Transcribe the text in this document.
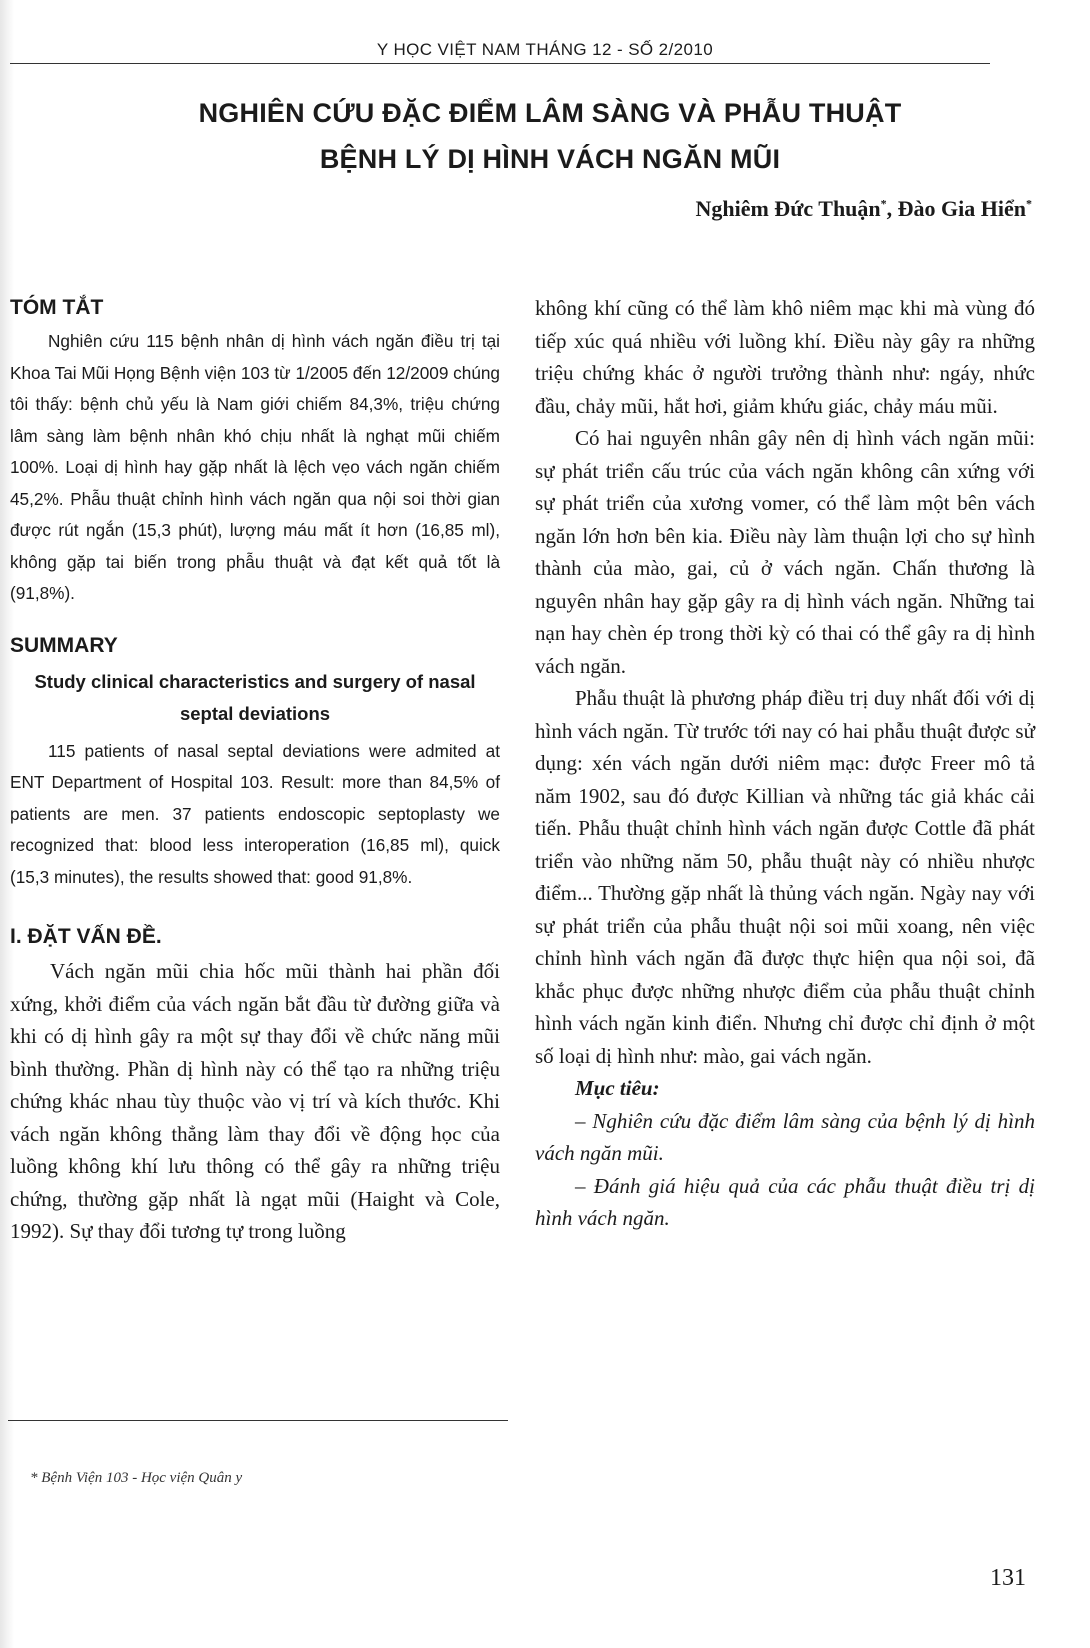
Y HỌC VIỆT NAM THÁNG 12 - SỐ 2/2010
NGHIÊN CỨU ĐẶC ĐIỂM LÂM SÀNG VÀ PHẪU THUẬT
BỆNH LÝ DỊ HÌNH VÁCH NGĂN MŨI
Nghiêm Đức Thuận*, Đào Gia Hiển*
TÓM TẮT

Nghiên cứu 115 bệnh nhân dị hình vách ngăn điều trị tại Khoa Tai Mũi Họng Bệnh viện 103 từ 1/2005 đến 12/2009 chúng tôi thấy: bệnh chủ yếu là Nam giới chiếm 84,3%, triệu chứng lâm sàng làm bệnh nhân khó chịu nhất là nghạt mũi chiếm 100%. Loại dị hình hay gặp nhất là lệch vẹo vách ngăn chiếm 45,2%. Phẫu thuật chỉnh hình vách ngăn qua nội soi thời gian được rút ngắn (15,3 phút), lượng máu mất ít hơn (16,85 ml), không gặp tai biến trong phẫu thuật và đạt kết quả tốt là (91,8%).

SUMMARY
Study clinical characteristics and surgery of nasal septal deviations

115 patients of nasal septal deviations were admited at ENT Department of Hospital 103. Result: more than 84,5% of patients are men. 37 patients endoscopic septoplasty we recognized that: blood less interoperation (16,85 ml), quick (15,3 minutes), the results showed that: good 91,8%.

I. ĐẶT VẤN ĐỀ.

Vách ngăn mũi chia hốc mũi thành hai phần đối xứng, khởi điểm của vách ngăn bắt đầu từ đường giữa và khi có dị hình gây ra một sự thay đổi về chức năng mũi bình thường. Phần dị hình này có thể tạo ra những triệu chứng khác nhau tùy thuộc vào vị trí và kích thước. Khi vách ngăn không thẳng làm thay đổi về động học của luồng không khí lưu thông có thể gây ra những triệu chứng, thường gặp nhất là ngạt mũi (Haight và Cole, 1992). Sự thay đổi tương tự trong luồng

không khí cũng có thể làm khô niêm mạc khi mà vùng đó tiếp xúc quá nhiều với luồng khí. Điều này gây ra những triệu chứng khác ở người trưởng thành như: ngáy, nhức đầu, chảy mũi, hắt hơi, giảm khứu giác, chảy máu mũi.

Có hai nguyên nhân gây nên dị hình vách ngăn mũi: sự phát triển cấu trúc của vách ngăn không cân xứng với sự phát triển của xương vomer, có thể làm một bên vách ngăn lớn hơn bên kia. Điều này làm thuận lợi cho sự hình thành của mào, gai, củ ở vách ngăn. Chấn thương là nguyên nhân hay gặp gây ra dị hình vách ngăn. Những tai nạn hay chèn ép trong thời kỳ có thai có thể gây ra dị hình vách ngăn.

Phẫu thuật là phương pháp điều trị duy nhất đối với dị hình vách ngăn. Từ trước tới nay có hai phẫu thuật được sử dụng: xén vách ngăn dưới niêm mạc: được Freer mô tả năm 1902, sau đó được Killian và những tác giả khác cải tiến. Phẫu thuật chỉnh hình vách ngăn được Cottle đã phát triển vào những năm 50, phẫu thuật này có nhiều nhược điểm... Thường gặp nhất là thủng vách ngăn. Ngày nay với sự phát triển của phẫu thuật nội soi mũi xoang, nên việc chỉnh hình vách ngăn đã được thực hiện qua nội soi, đã khắc phục được những nhược điểm của phẫu thuật chỉnh hình vách ngăn kinh điển. Nhưng chỉ được chỉ định ở một số loại dị hình như: mào, gai vách ngăn.

Mục tiêu:

– Nghiên cứu đặc điểm lâm sàng của bệnh lý dị hình vách ngăn mũi.

– Đánh giá hiệu quả của các phẫu thuật điều trị dị hình vách ngăn.

* Bệnh Viện 103 - Học viện Quân y
131
